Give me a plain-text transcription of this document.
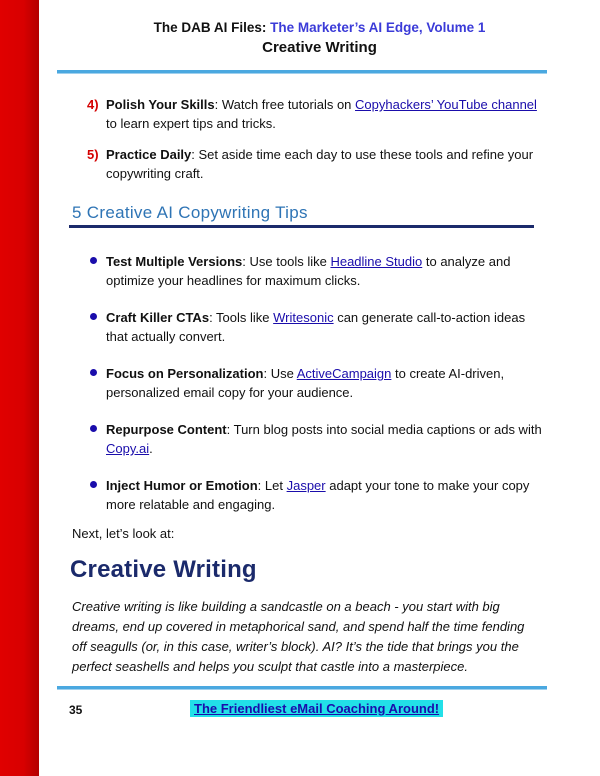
The DAB AI Files: The Marketer’s AI Edge, Volume 1
Creative Writing
4) Polish Your Skills: Watch free tutorials on Copyhackers’ YouTube channel to learn expert tips and tricks.
5) Practice Daily: Set aside time each day to use these tools and refine your copywriting craft.
5 Creative AI Copywriting Tips
Test Multiple Versions: Use tools like Headline Studio to analyze and optimize your headlines for maximum clicks.
Craft Killer CTAs: Tools like Writesonic can generate call-to-action ideas that actually convert.
Focus on Personalization: Use ActiveCampaign to create AI-driven, personalized email copy for your audience.
Repurpose Content: Turn blog posts into social media captions or ads with Copy.ai.
Inject Humor or Emotion: Let Jasper adapt your tone to make your copy more relatable and engaging.
Next, let’s look at:
Creative Writing
Creative writing is like building a sandcastle on a beach - you start with big dreams, end up covered in metaphorical sand, and spend half the time fending off seagulls (or, in this case, writer’s block). AI? It’s the tide that brings you the perfect seashells and helps you sculpt that castle into a masterpiece.
35	The Friendliest eMail Coaching Around!
